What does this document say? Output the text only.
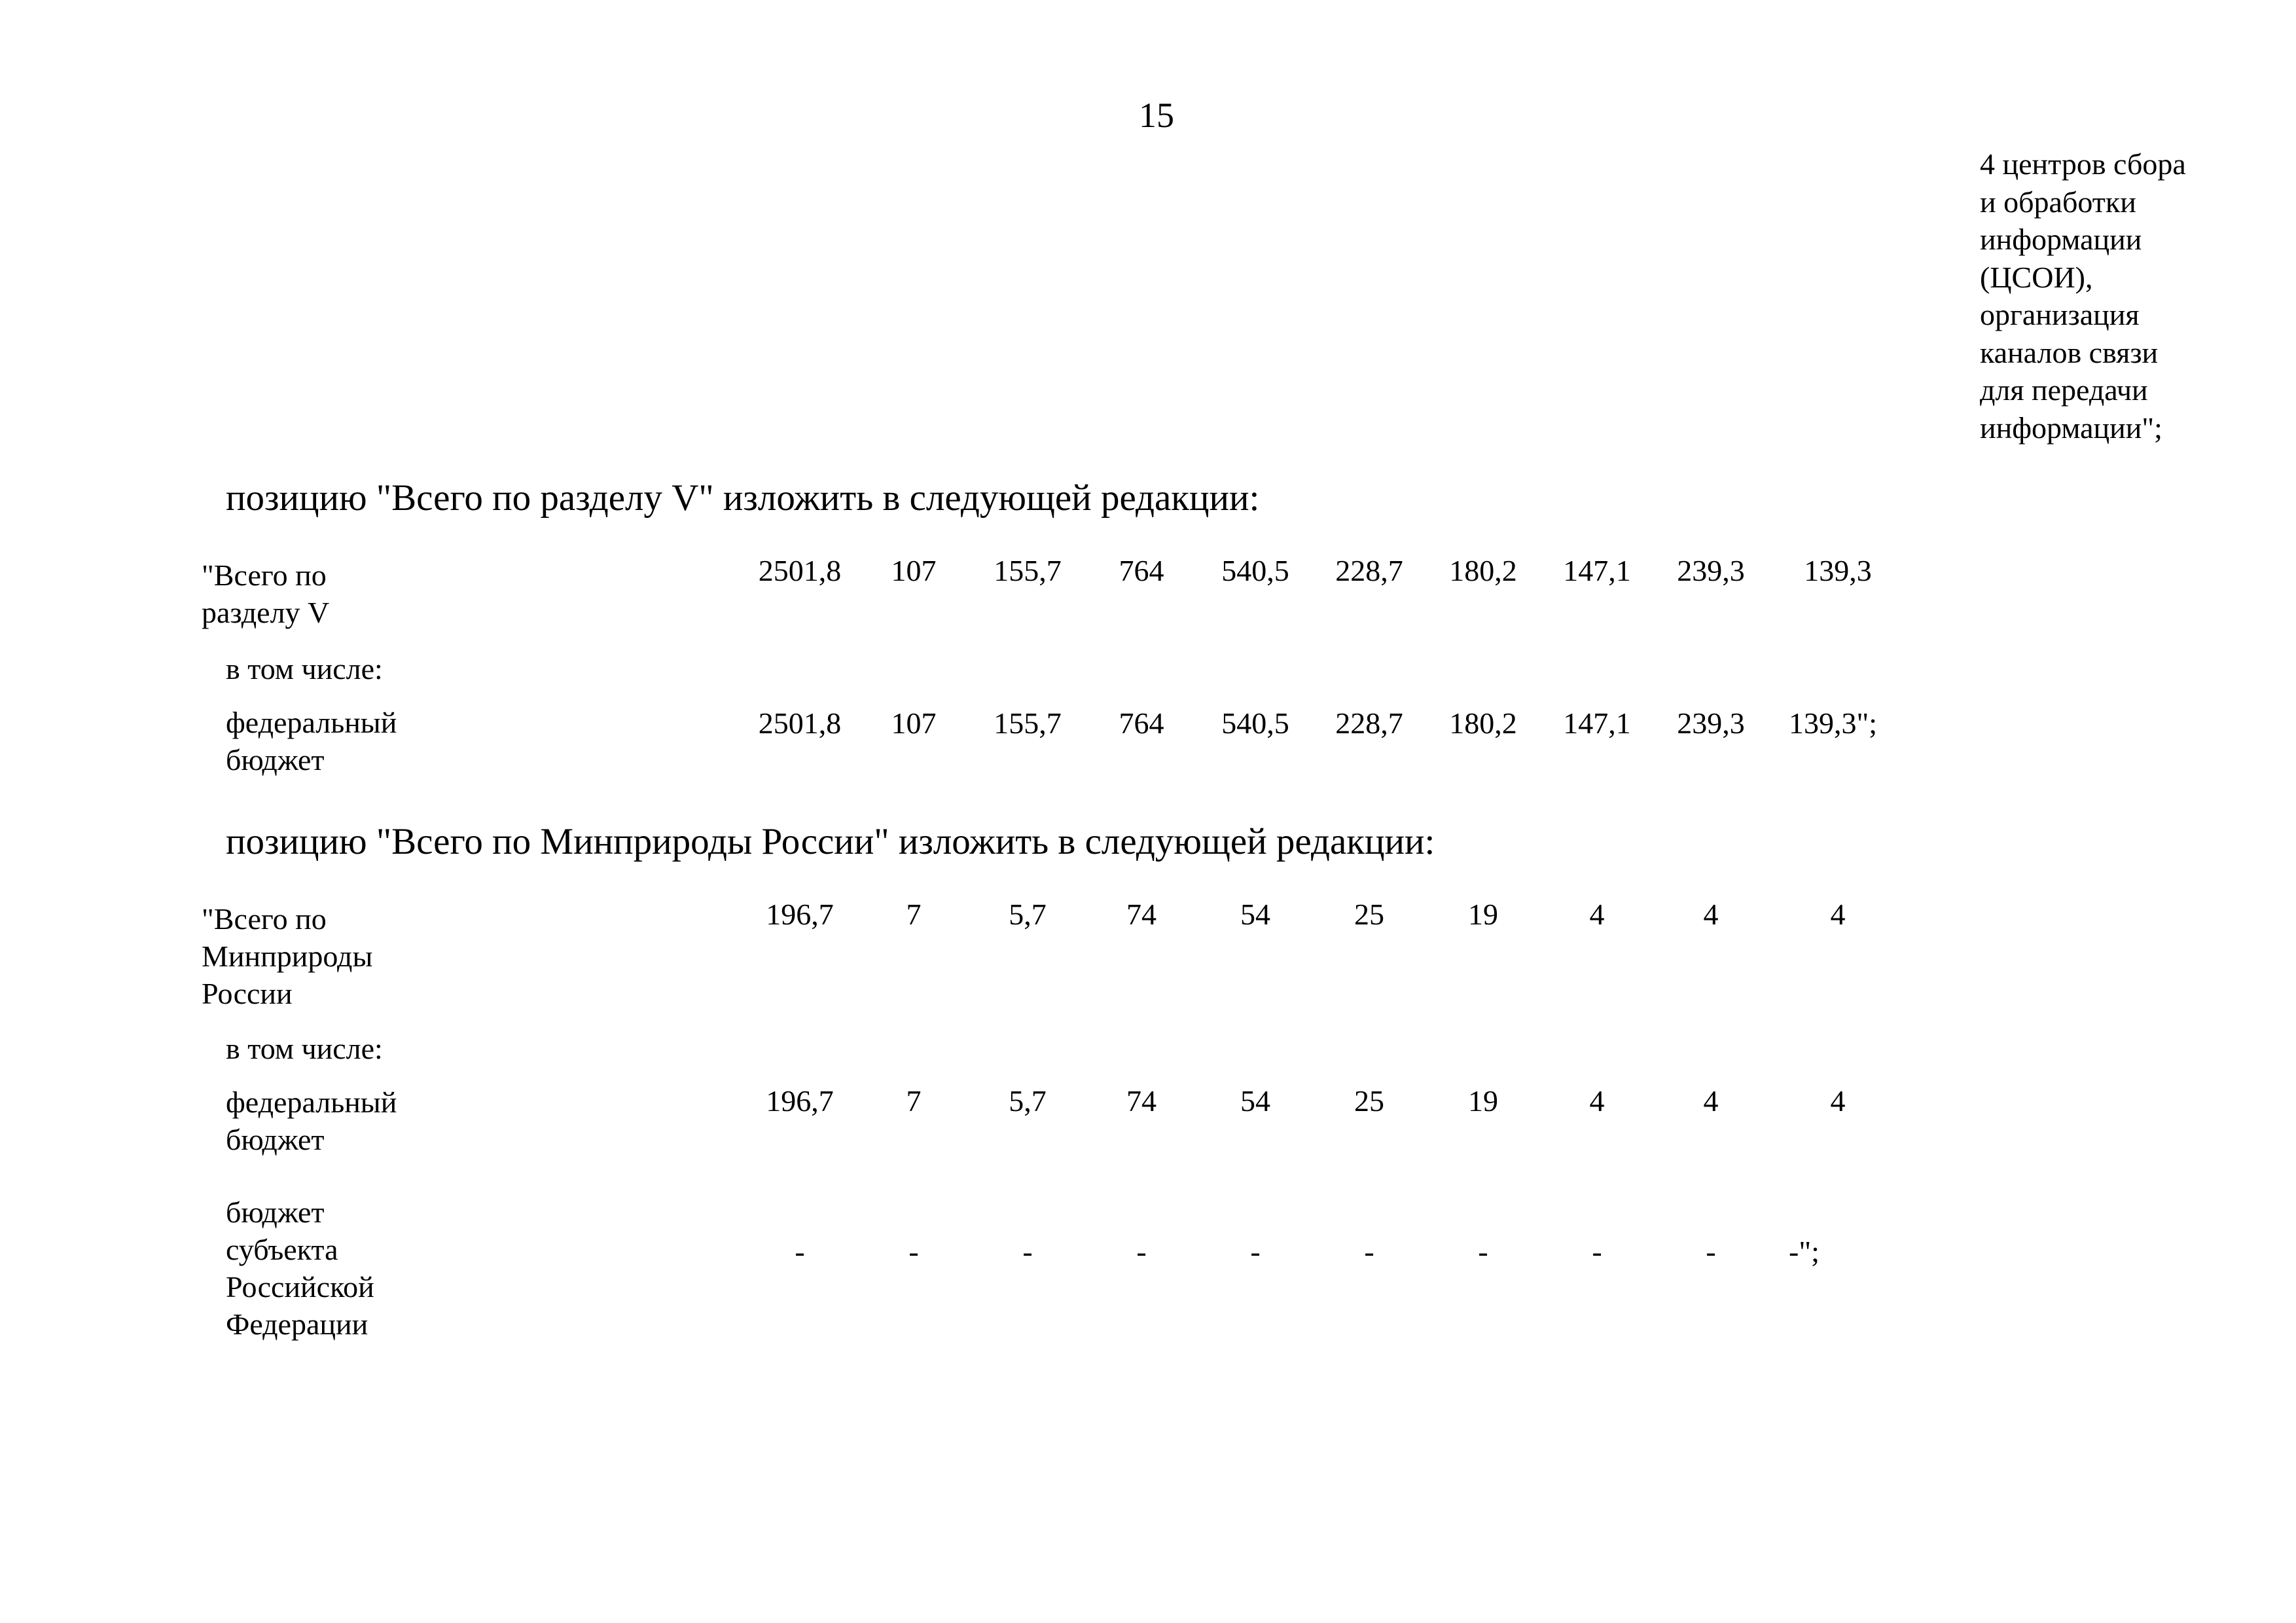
15
4 центров сбора
и обработки
информации
(ЦСОИ),
организация
каналов связи
для передачи
информации";
позицию "Всего по разделу V" изложить в следующей редакции:
"Всего по
разделу V
2501,8	107	155,7	764	540,5	228,7	180,2	147,1	239,3	139,3
в том числе:
федеральный
бюджет
2501,8	107	155,7	764	540,5	228,7	180,2	147,1	239,3	139,3";
позицию "Всего по Минприроды России" изложить в следующей редакции:
"Всего по
Минприроды
России
196,7	7	5,7	74	54	25	19	4	4	4
в том числе:
федеральный
бюджет
196,7	7	5,7	74	54	25	19	4	4	4
бюджет
субъекта
Российской
Федерации
-	-	-	-	-	-	-	-	-	-";
